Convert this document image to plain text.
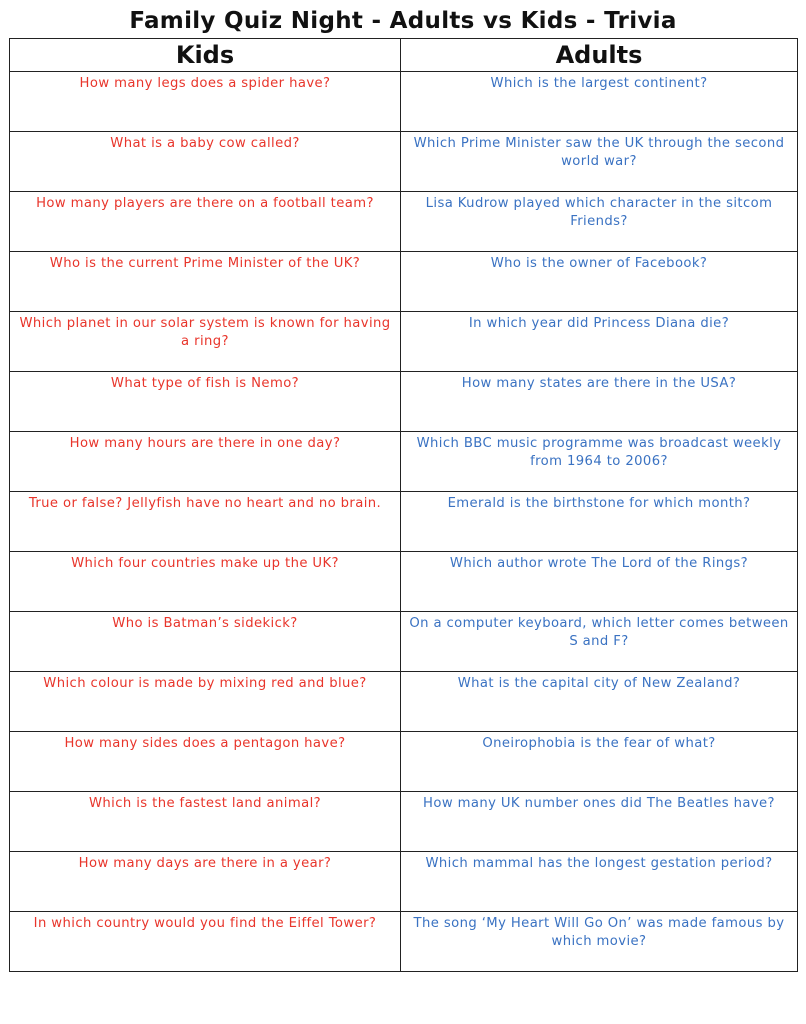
Family Quiz Night - Adults vs Kids - Trivia
Kids	Adults
How many legs does a spider have?	Which is the largest continent?
What is a baby cow called?	Which Prime Minister saw the UK through the second world war?
How many players are there on a football team?	Lisa Kudrow played which character in the sitcom Friends?
Who is the current Prime Minister of the UK?	Who is the owner of Facebook?
Which planet in our solar system is known for having a ring?	In which year did Princess Diana die?
What type of fish is Nemo?	How many states are there in the USA?
How many hours are there in one day?	Which BBC music programme was broadcast weekly from 1964 to 2006?
True or false? Jellyfish have no heart and no brain.	Emerald is the birthstone for which month?
Which four countries make up the UK?	Which author wrote The Lord of the Rings?
Who is Batman’s sidekick?	On a computer keyboard, which letter comes between S and F?
Which colour is made by mixing red and blue?	What is the capital city of New Zealand?
How many sides does a pentagon have?	Oneirophobia is the fear of what?
Which is the fastest land animal?	How many UK number ones did The Beatles have?
How many days are there in a year?	Which mammal has the longest gestation period?
In which country would you find the Eiffel Tower?	The song ‘My Heart Will Go On’ was made famous by which movie?
